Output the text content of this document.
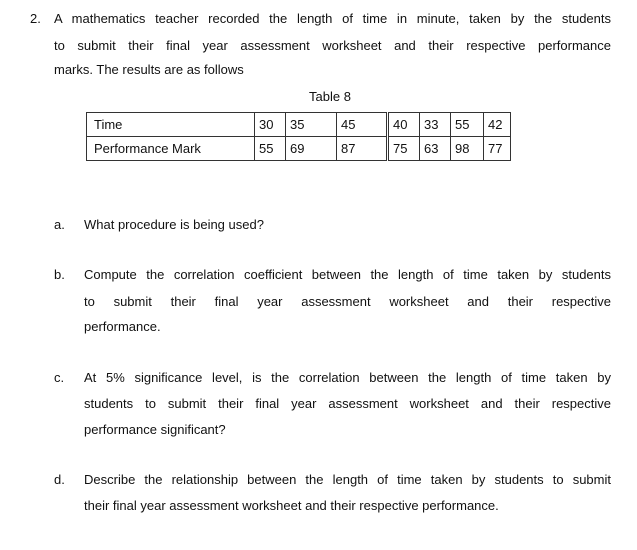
2. A mathematics teacher recorded the length of time in minute, taken by the students
to submit their final year assessment worksheet and their respective performance
marks. The results are as follows
Table 8
Time	30	35	45		40	33	55	42
Performance Mark	55	69	87		75	63	98	77
a. What procedure is being used?
b. Compute the correlation coefficient between the length of time taken by students
to submit their final year assessment worksheet and their respective
performance.
c. At 5% significance level, is the correlation between the length of time taken by
students to submit their final year assessment worksheet and their respective
performance significant?
d. Describe the relationship between the length of time taken by students to submit
their final year assessment worksheet and their respective performance.
